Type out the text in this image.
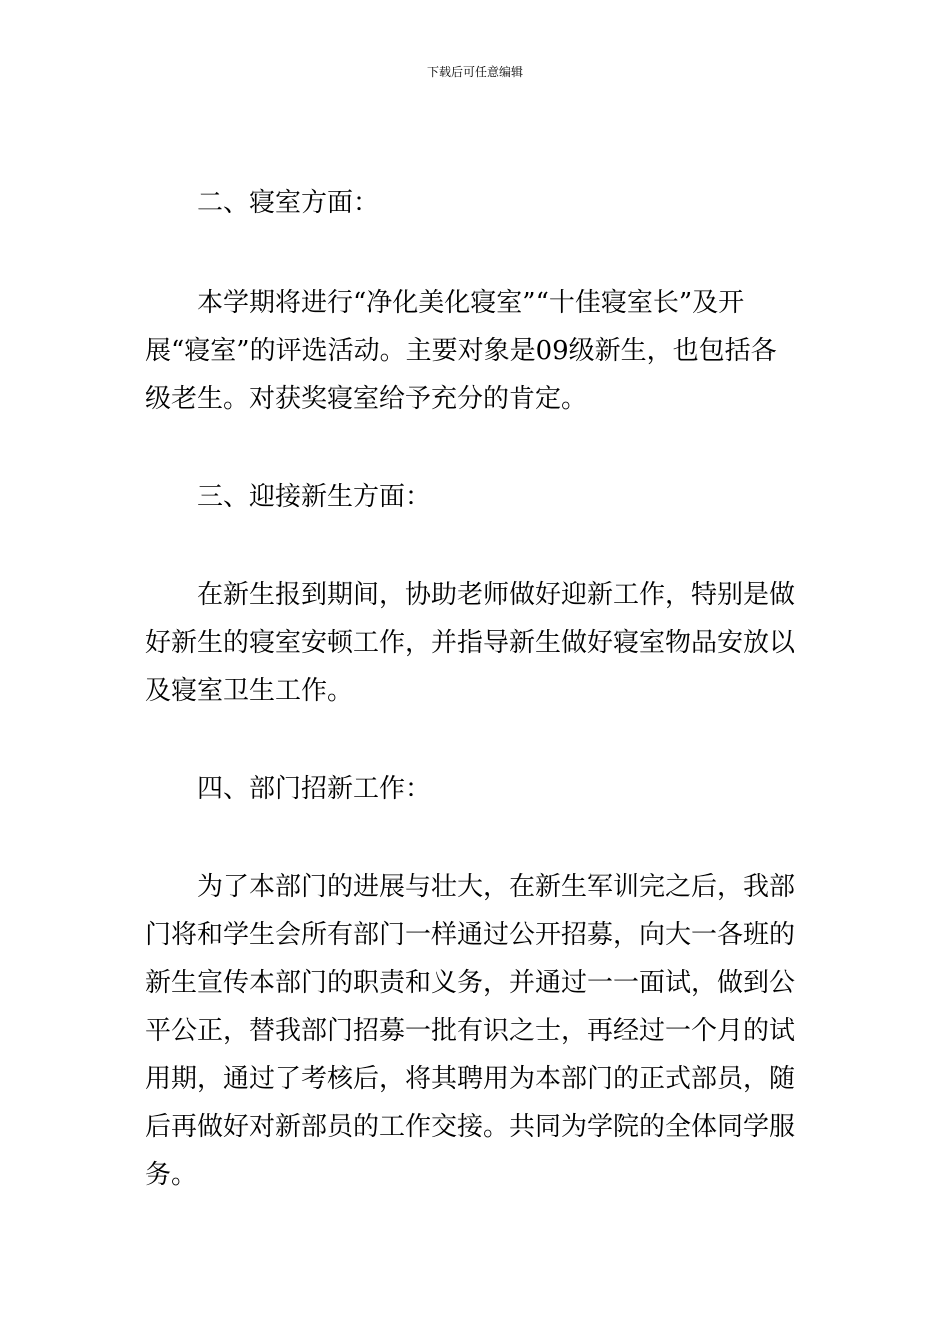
下载后可任意编辑
二、寝室方面：
本学期将进行“净化美化寝室”“十佳寝室长”及开
展“寝室”的评选活动。主要对象是09级新生，也包括各
级老生。对获奖寝室给予充分的肯定。
三、迎接新生方面：
在新生报到期间，协助老师做好迎新工作，特别是做
好新生的寝室安顿工作，并指导新生做好寝室物品安放以
及寝室卫生工作。
四、部门招新工作：
为了本部门的进展与壮大，在新生军训完之后，我部
门将和学生会所有部门一样通过公开招募，向大一各班的
新生宣传本部门的职责和义务，并通过一一面试，做到公
平公正，替我部门招募一批有识之士，再经过一个月的试
用期，通过了考核后，将其聘用为本部门的正式部员，随
后再做好对新部员的工作交接。共同为学院的全体同学服
务。
